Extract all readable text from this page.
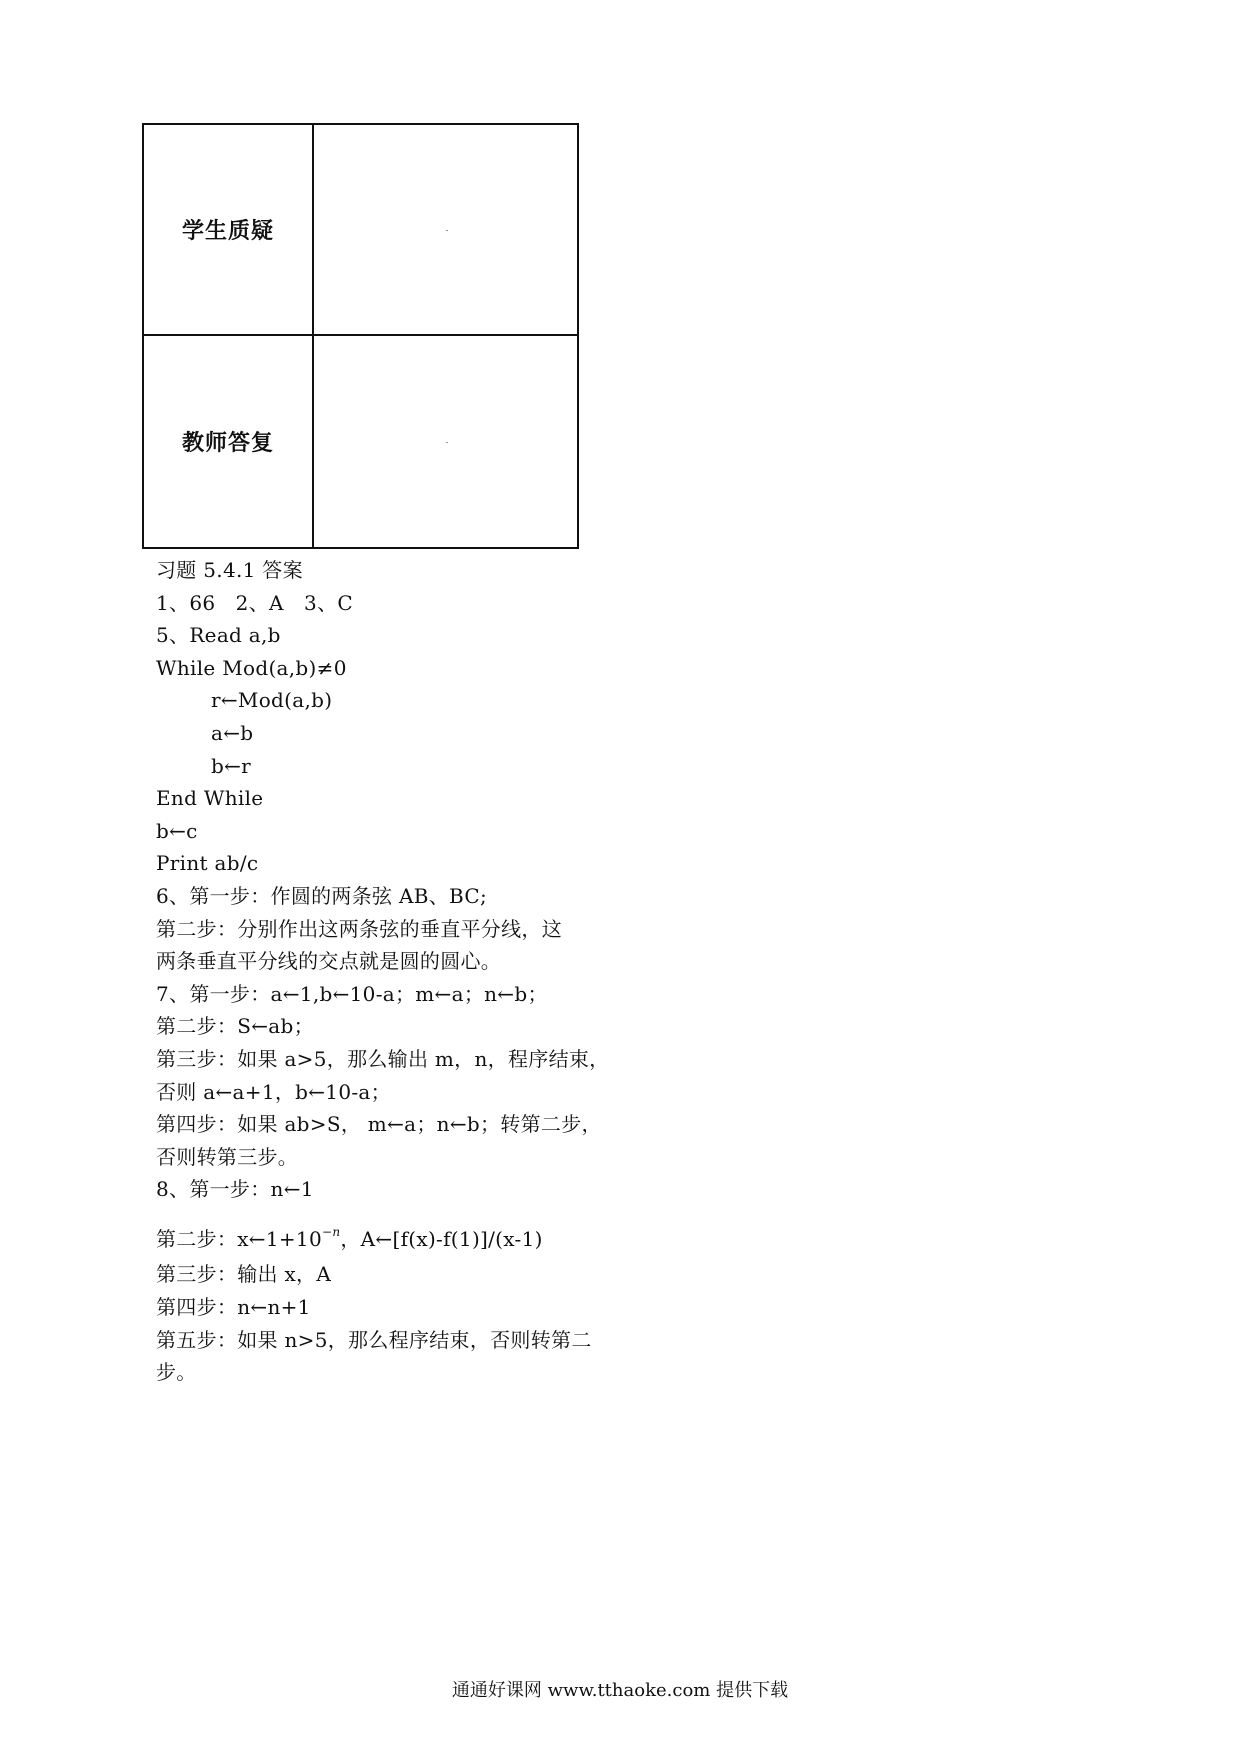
学生质疑
教师答复
习题 5.4.1 答案
1、66　2、A　3、C
5、Read a,b
While Mod(a,b)≠0
r←Mod(a,b)
a←b
b←r
End While
b←c
Print ab/c
6、第一步：作圆的两条弦 AB、BC;
第二步：分别作出这两条弦的垂直平分线，这
两条垂直平分线的交点就是圆的圆心。
7、第一步：a←1,b←10-a；m←a；n←b；
第二步：S←ab；
第三步：如果 a>5，那么输出 m，n，程序结束，
否则 a←a+1，b←10-a；
第四步：如果 ab>S， m←a；n←b；转第二步，
否则转第三步。
8、第一步：n←1
第二步：$x\leftarrow 1+10^{-n}$，A←[f(x)-f(1)]/(x-1)
第三步：输出 x，A
第四步：n←n+1
第五步：如果 n>5，那么程序结束，否则转第二
步。
通通好课网 www.tthaoke.com 提供下载
